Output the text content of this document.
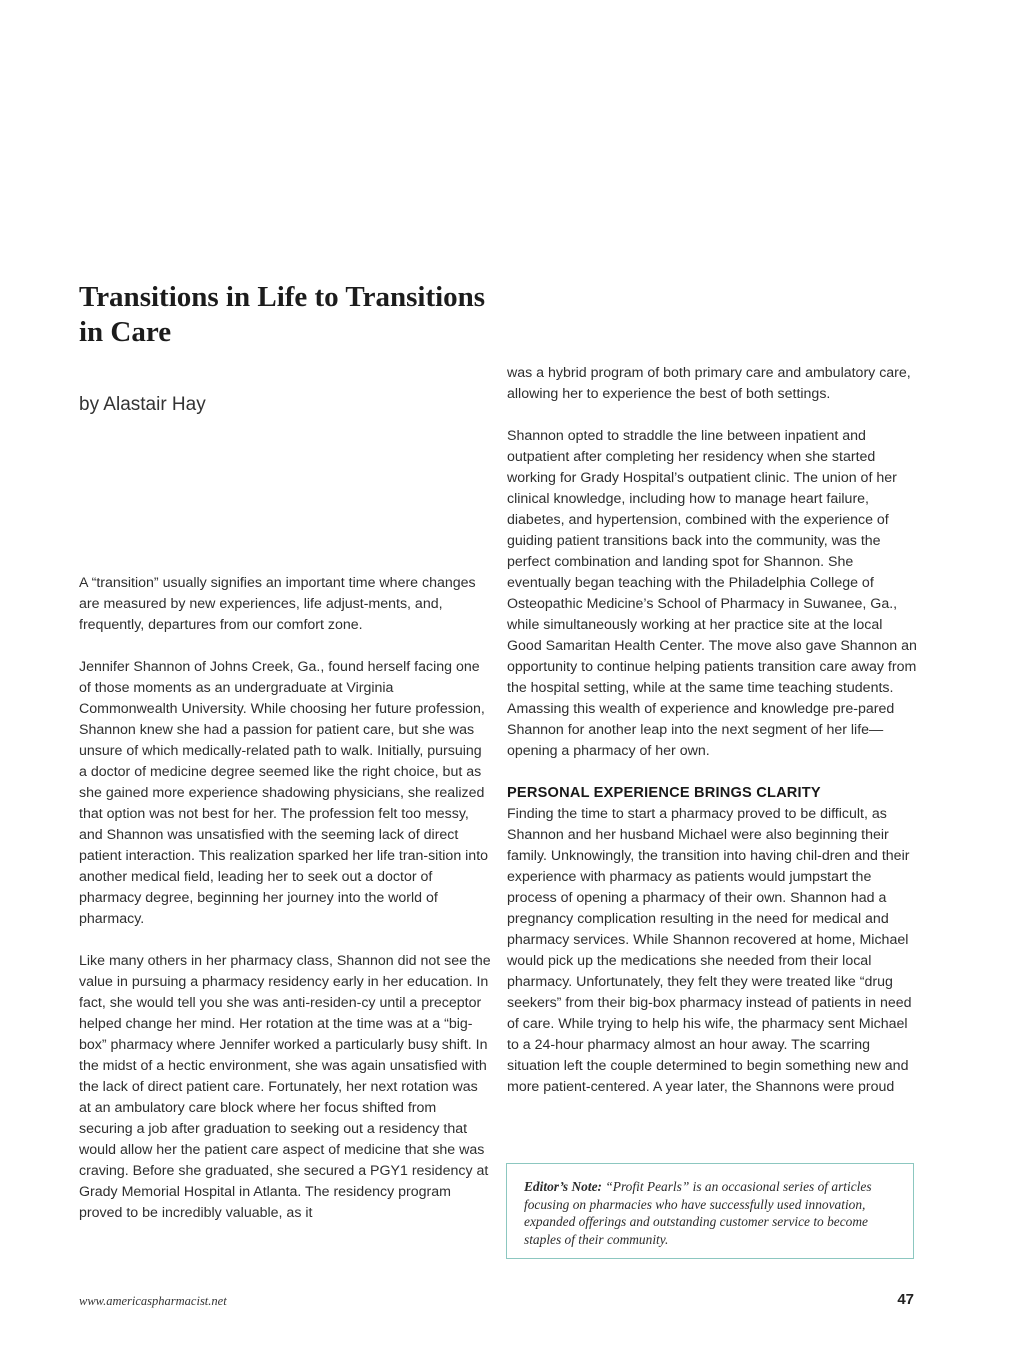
Transitions in Life to Transitions in Care
by Alastair Hay

A “transition” usually signifies an important time where changes are measured by new experiences, life adjust-ments, and, frequently, departures from our comfort zone.

Jennifer Shannon of Johns Creek, Ga., found herself facing one of those moments as an undergraduate at Virginia Commonwealth University. While choosing her future profession, Shannon knew she had a passion for patient care, but she was unsure of which medically-related path to walk. Initially, pursuing a doctor of medicine degree seemed like the right choice, but as she gained more experience shadowing physicians, she realized that option was not best for her. The profession felt too messy, and Shannon was unsatisfied with the seeming lack of direct patient interaction. This realization sparked her life tran-sition into another medical field, leading her to seek out a doctor of pharmacy degree, beginning her journey into the world of pharmacy.

Like many others in her pharmacy class, Shannon did not see the value in pursuing a pharmacy residency early in her education. In fact, she would tell you she was anti-residen-cy until a preceptor helped change her mind. Her rotation at the time was at a “big-box” pharmacy where Jennifer worked a particularly busy shift. In the midst of a hectic environment, she was again unsatisfied with the lack of direct patient care. Fortunately, her next rotation was at an ambulatory care block where her focus shifted from securing a job after graduation to seeking out a residency that would allow her the patient care aspect of medicine that she was craving. Before she graduated, she secured a PGY1 residency at Grady Memorial Hospital in Atlanta. The residency program proved to be incredibly valuable, as it

was a hybrid program of both primary care and ambulatory care, allowing her to experience the best of both settings.

Shannon opted to straddle the line between inpatient and outpatient after completing her residency when she started working for Grady Hospital’s outpatient clinic. The union of her clinical knowledge, including how to manage heart failure, diabetes, and hypertension, combined with the experience of guiding patient transitions back into the community, was the perfect combination and landing spot for Shannon. She eventually began teaching with the Philadelphia College of Osteopathic Medicine’s School of Pharmacy in Suwanee, Ga., while simultaneously working at her practice site at the local Good Samaritan Health Center. The move also gave Shannon an opportunity to continue helping patients transition care away from the hospital setting, while at the same time teaching students. Amassing this wealth of experience and knowledge pre-pared Shannon for another leap into the next segment of her life—opening a pharmacy of her own.

PERSONAL EXPERIENCE BRINGS CLARITY

Finding the time to start a pharmacy proved to be difficult, as Shannon and her husband Michael were also beginning their family. Unknowingly, the transition into having chil-dren and their experience with pharmacy as patients would jumpstart the process of opening a pharmacy of their own. Shannon had a pregnancy complication resulting in the need for medical and pharmacy services. While Shannon recovered at home, Michael would pick up the medications she needed from their local pharmacy. Unfortunately, they felt they were treated like “drug seekers” from their big-box pharmacy instead of patients in need of care. While trying to help his wife, the pharmacy sent Michael to a 24-hour pharmacy almost an hour away. The scarring situation left the couple determined to begin something new and more patient-centered. A year later, the Shannons were proud

Editor’s Note: “Profit Pearls” is an occasional series of articles focusing on pharmacies who have successfully used innovation, expanded offerings and outstanding customer service to become staples of their community.
www.americaspharmacist.net	47
